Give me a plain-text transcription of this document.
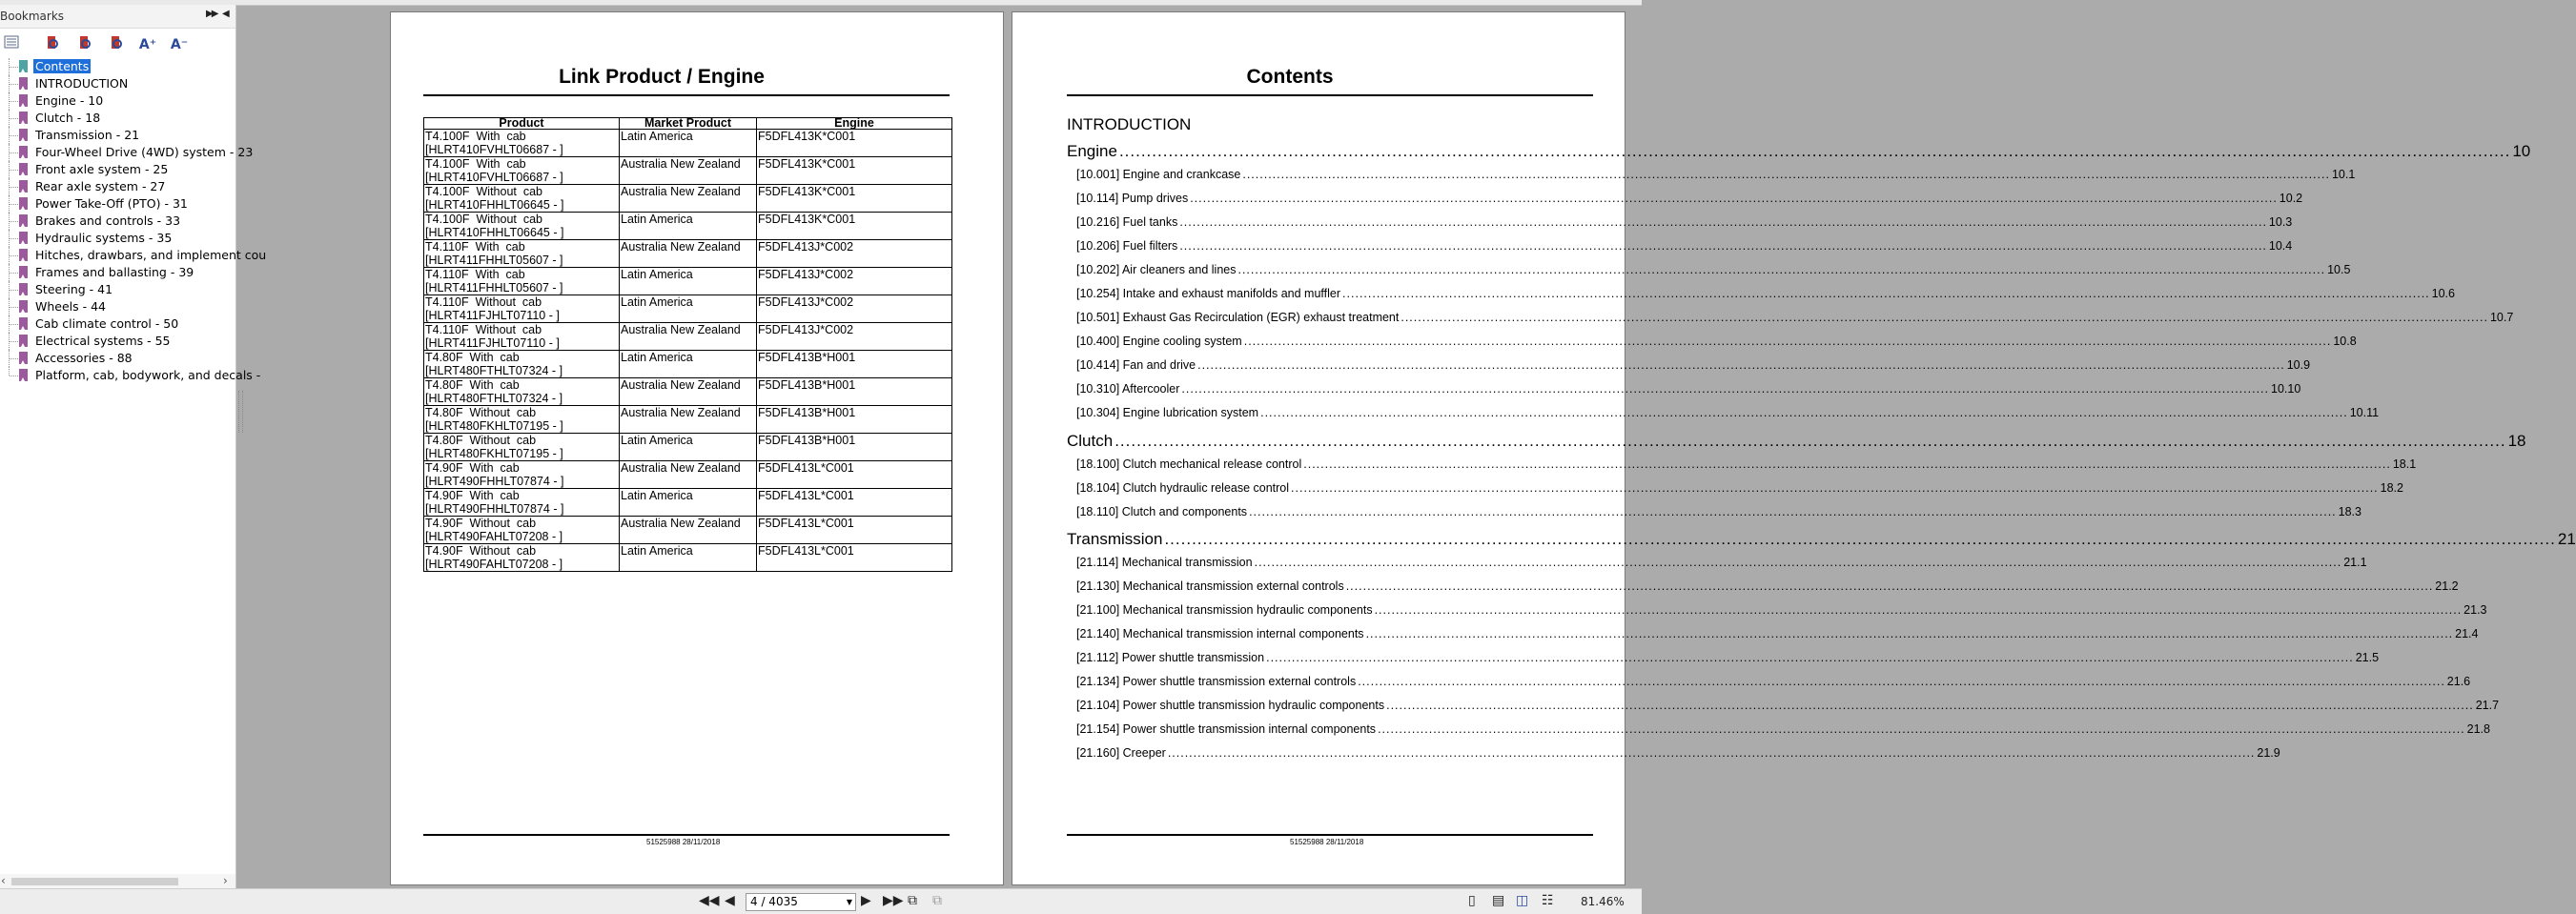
Bookmarks	▶▶ ◀
A⁺ A⁻
Contents
INTRODUCTION
Engine - 10
Clutch - 18
Transmission - 21
Four-Wheel Drive (4WD) system - 23
Front axle system - 25
Rear axle system - 27
Power Take-Off (PTO) - 31
Brakes and controls - 33
Hydraulic systems - 35
Hitches, drawbars, and implement cou
Frames and ballasting - 39
Steering - 41
Wheels - 44
Cab climate control - 50
Electrical systems - 55
Accessories - 88
Platform, cab, bodywork, and decals -
‹	›
Link Product / Engine
Product	Market Product	Engine

T4.100F  With  cab
[HLRT410FVHLT06687 - ]	Latin America	F5DFL413K*C001

T4.100F  With  cab
[HLRT410FVHLT06687 - ]	Australia New Zealand	F5DFL413K*C001

T4.100F  Without  cab
[HLRT410FHHLT06645 - ]	Australia New Zealand	F5DFL413K*C001

T4.100F  Without  cab
[HLRT410FHHLT06645 - ]	Latin America	F5DFL413K*C001

T4.110F  With  cab
[HLRT411FHHLT05607 - ]	Australia New Zealand	F5DFL413J*C002

T4.110F  With  cab
[HLRT411FHHLT05607 - ]	Latin America	F5DFL413J*C002

T4.110F  Without  cab
[HLRT411FJHLT07110 - ]	Latin America	F5DFL413J*C002

T4.110F  Without  cab
[HLRT411FJHLT07110 - ]	Australia New Zealand	F5DFL413J*C002

T4.80F  With  cab
[HLRT480FTHLT07324 - ]	Latin America	F5DFL413B*H001

T4.80F  With  cab
[HLRT480FTHLT07324 - ]	Australia New Zealand	F5DFL413B*H001

T4.80F  Without  cab
[HLRT480FKHLT07195 - ]	Australia New Zealand	F5DFL413B*H001

T4.80F  Without  cab
[HLRT480FKHLT07195 - ]	Latin America	F5DFL413B*H001

T4.90F  With  cab
[HLRT490FHHLT07874 - ]	Australia New Zealand	F5DFL413L*C001

T4.90F  With  cab
[HLRT490FHHLT07874 - ]	Latin America	F5DFL413L*C001

T4.90F  Without  cab
[HLRT490FAHLT07208 - ]	Australia New Zealand	F5DFL413L*C001

T4.90F  Without  cab
[HLRT490FAHLT07208 - ]	Latin America	F5DFL413L*C001
51525988 28/11/2018
Contents
INTRODUCTION
Engine .....	10
[10.001] Engine and crankcase .....	10.1
[10.114] Pump drives .....	10.2
[10.216] Fuel tanks .....	10.3
[10.206] Fuel filters .....	10.4
[10.202] Air cleaners and lines .....	10.5
[10.254] Intake and exhaust manifolds and muffler .....	10.6
[10.501] Exhaust Gas Recirculation (EGR) exhaust treatment .....	10.7
[10.400] Engine cooling system .....	10.8
[10.414] Fan and drive .....	10.9
[10.310] Aftercooler .....	10.10
[10.304] Engine lubrication system .....	10.11
Clutch .....	18
[18.100] Clutch mechanical release control .....	18.1
[18.104] Clutch hydraulic release control .....	18.2
[18.110] Clutch and components .....	18.3
Transmission .....	21
[21.114] Mechanical transmission .....	21.1
[21.130] Mechanical transmission external controls .....	21.2
[21.100] Mechanical transmission hydraulic components .....	21.3
[21.140] Mechanical transmission internal components .....	21.4
[21.112] Power shuttle transmission .....	21.5
[21.134] Power shuttle transmission external controls .....	21.6
[21.104] Power shuttle transmission hydraulic components .....	21.7
[21.154] Power shuttle transmission internal components .....	21.8
[21.160] Creeper .....	21.9
51525988 28/11/2018
◀◀ ◀ 4 / 4035	▼ ▶ ▶▶ ⧉ ⧉	▯ ▤ ◫ ☷ 81.46%
